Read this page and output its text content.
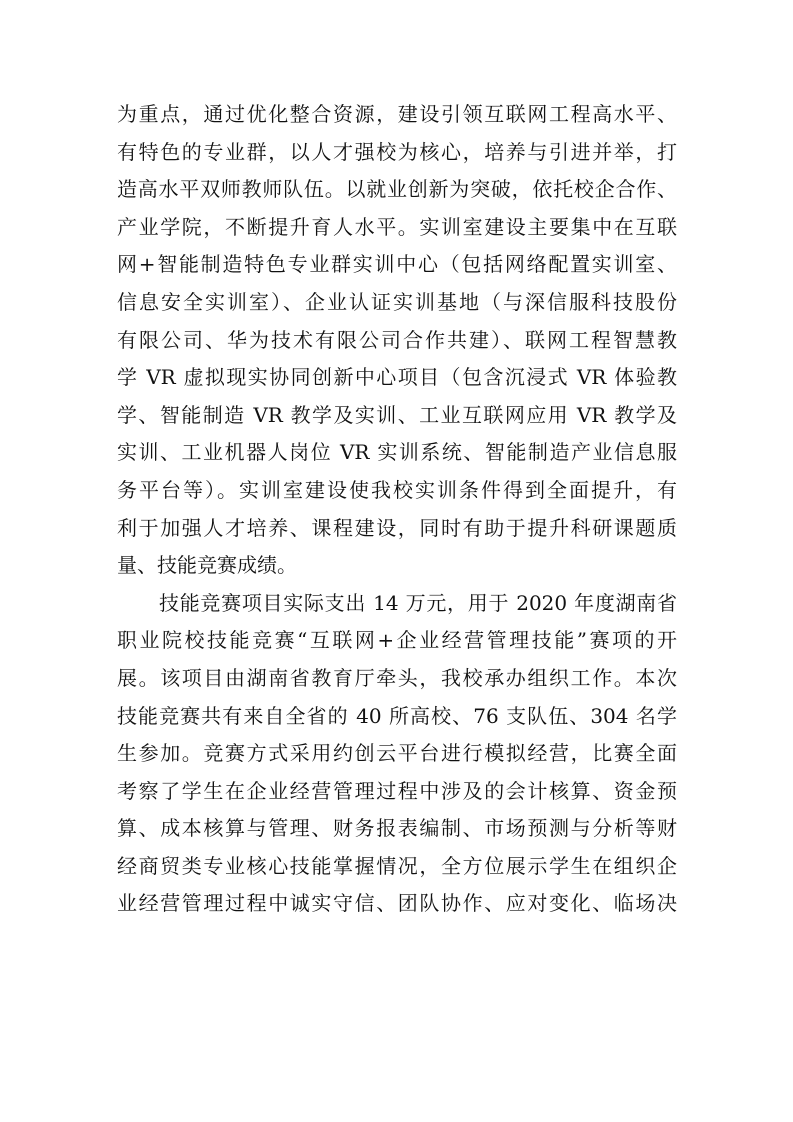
为重点，通过优化整合资源，建设引领互联网工程高水平、
有特色的专业群，以人才强校为核心，培养与引进并举，打
造高水平双师教师队伍。以就业创新为突破，依托校企合作、
产业学院，不断提升育人水平。实训室建设主要集中在互联
网+智能制造特色专业群实训中心（包括网络配置实训室、
信息安全实训室）、企业认证实训基地（与深信服科技股份
有限公司、华为技术有限公司合作共建）、联网工程智慧教
学 VR 虚拟现实协同创新中心项目（包含沉浸式 VR 体验教
学、智能制造 VR 教学及实训、工业互联网应用 VR 教学及
实训、工业机器人岗位 VR 实训系统、智能制造产业信息服
务平台等）。实训室建设使我校实训条件得到全面提升，有
利于加强人才培养、课程建设，同时有助于提升科研课题质
量、技能竞赛成绩。
技能竞赛项目实际支出 14 万元，用于 2020 年度湖南省
职业院校技能竞赛“互联网+企业经营管理技能”赛项的开
展。该项目由湖南省教育厅牵头，我校承办组织工作。本次
技能竞赛共有来自全省的 40 所高校、76 支队伍、304 名学
生参加。竞赛方式采用约创云平台进行模拟经营，比赛全面
考察了学生在企业经营管理过程中涉及的会计核算、资金预
算、成本核算与管理、财务报表编制、市场预测与分析等财
经商贸类专业核心技能掌握情况，全方位展示学生在组织企
业经营管理过程中诚实守信、团队协作、应对变化、临场决
